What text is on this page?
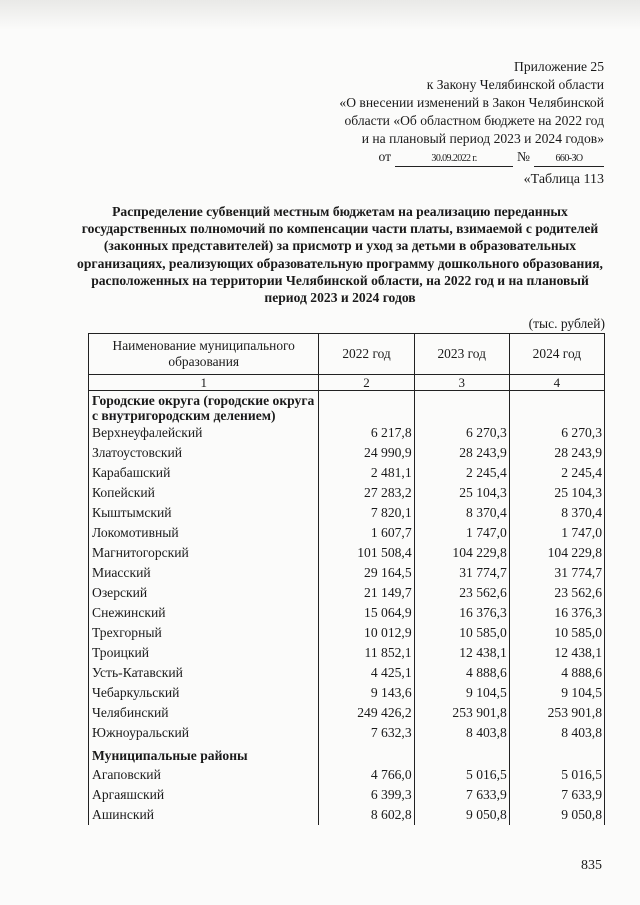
Приложение 25
к Закону Челябинской области
«О внесении изменений в Закон Челябинской
области «Об областном бюджете на 2022 год
и на плановый период 2023 и 2024 годов»
от	30.09.2022 г.	№	660-ЗО
«Таблица 113
Распределение субвенций местным бюджетам на реализацию переданных государственных полномочий по компенсации части платы, взимаемой с родителей (законных представителей) за присмотр и уход за детьми в образовательных организациях, реализующих образовательную программу дошкольного образования, расположенных на территории Челябинской области, на 2022 год и на плановый период 2023 и 2024 годов
(тыс. рублей)
Наименование муниципального образования	2022 год	2023 год	2024 год
1	2	3	4
Городские округа (городские округа с внутригородским делением)			
Верхнеуфалейский	6 217,8	6 270,3	6 270,3
Златоустовский	24 990,9	28 243,9	28 243,9
Карабашский	2 481,1	2 245,4	2 245,4
Копейский	27 283,2	25 104,3	25 104,3
Кыштымский	7 820,1	8 370,4	8 370,4
Локомотивный	1 607,7	1 747,0	1 747,0
Магнитогорский	101 508,4	104 229,8	104 229,8
Миасский	29 164,5	31 774,7	31 774,7
Озерский	21 149,7	23 562,6	23 562,6
Снежинский	15 064,9	16 376,3	16 376,3
Трехгорный	10 012,9	10 585,0	10 585,0
Троицкий	11 852,1	12 438,1	12 438,1
Усть-Катавский	4 425,1	4 888,6	4 888,6
Чебаркульский	9 143,6	9 104,5	9 104,5
Челябинский	249 426,2	253 901,8	253 901,8
Южноуральский	7 632,3	8 403,8	8 403,8
Муниципальные районы			
Агаповский	4 766,0	5 016,5	5 016,5
Аргаяшский	6 399,3	7 633,9	7 633,9
Ашинский	8 602,8	9 050,8	9 050,8
835
